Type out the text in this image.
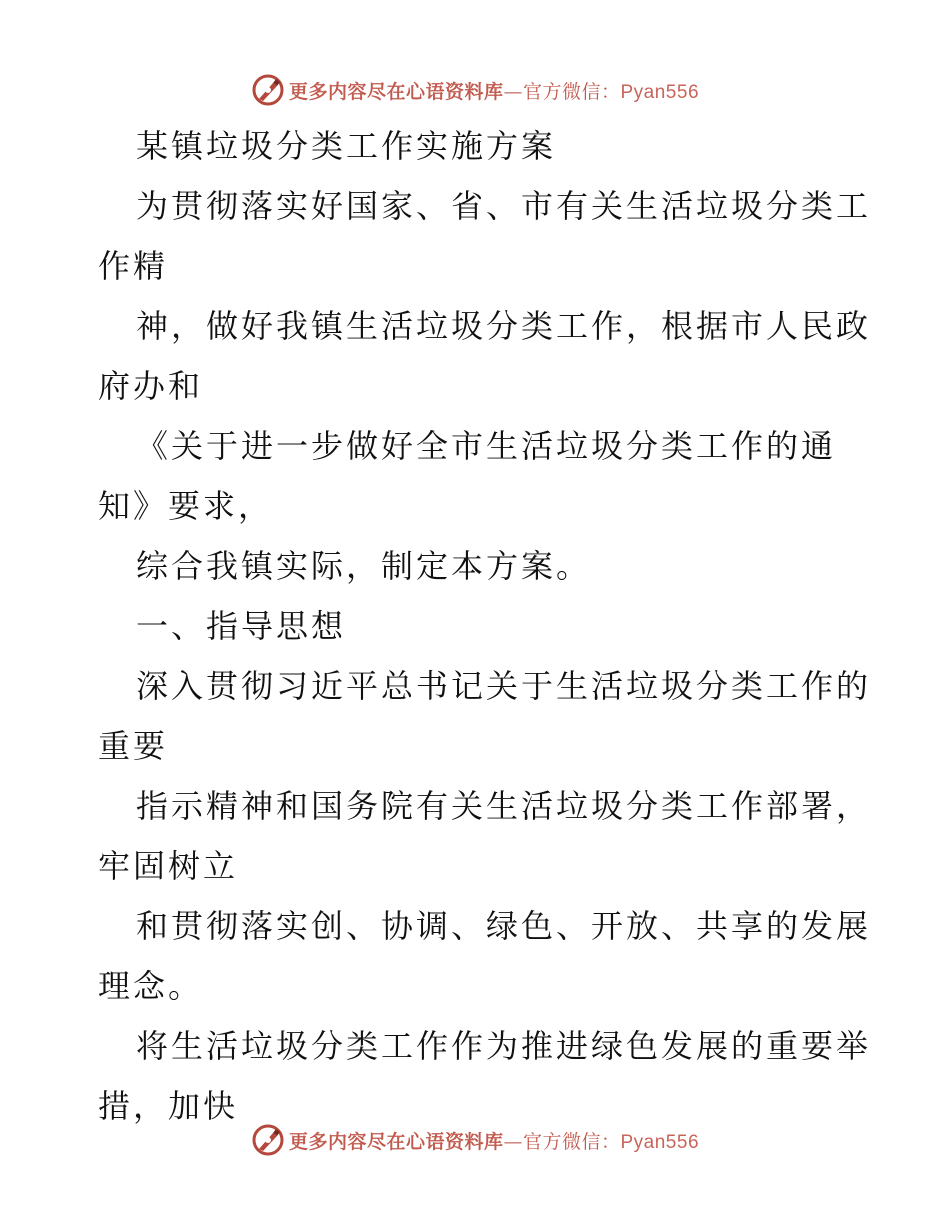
更多内容尽在心语资料库—官方微信：Pyan556
某镇垃圾分类工作实施方案
为贯彻落实好国家、省、市有关生活垃圾分类工
作精
神，做好我镇生活垃圾分类工作，根据市人民政
府办和
《关于进一步做好全市生活垃圾分类工作的通
知》要求，
综合我镇实际，制定本方案。
一、指导思想
深入贯彻习近平总书记关于生活垃圾分类工作的
重要
指示精神和国务院有关生活垃圾分类工作部署，
牢固树立
和贯彻落实创、协调、绿色、开放、共享的发展
理念。
将生活垃圾分类工作作为推进绿色发展的重要举
措，加快
更多内容尽在心语资料库—官方微信：Pyan556
